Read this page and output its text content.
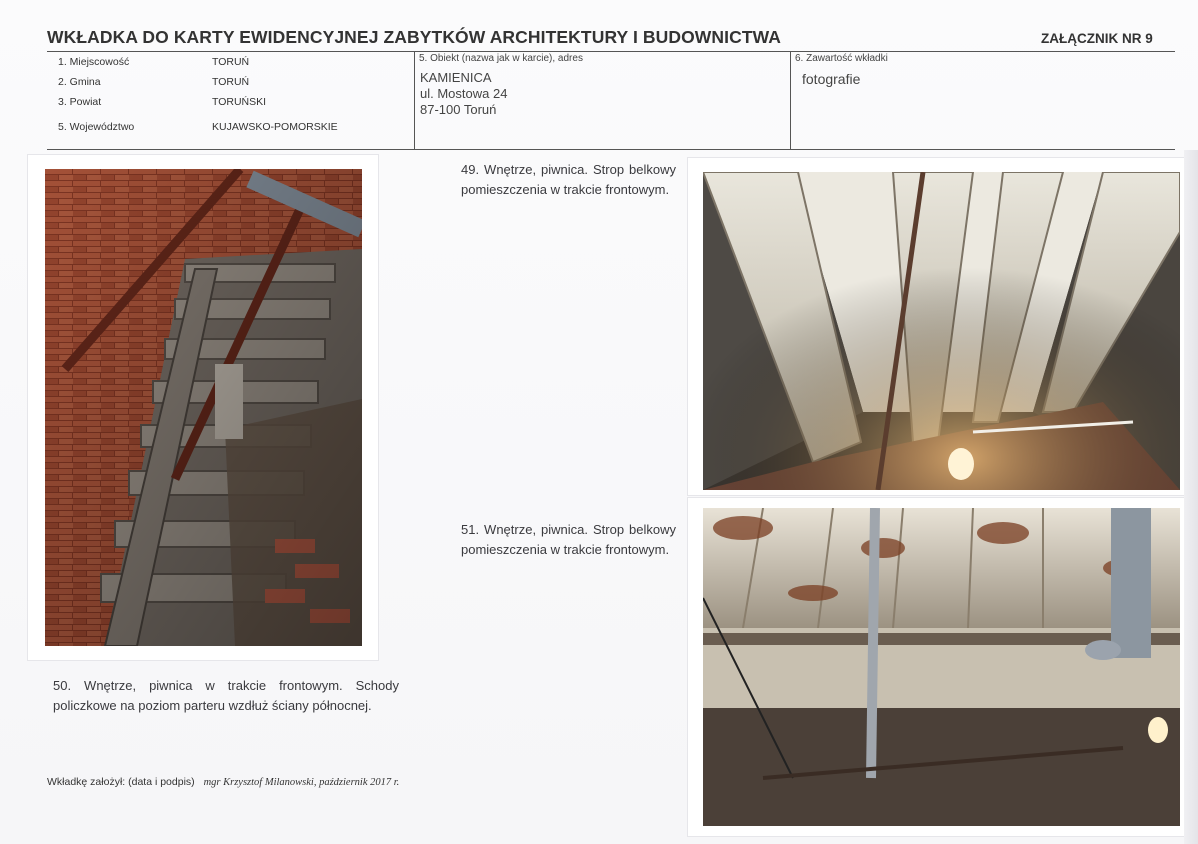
WKŁADKA DO KARTY EWIDENCYJNEJ ZABYTKÓW ARCHITEKTURY I BUDOWNICTWA	ZAŁĄCZNIK NR 9
1. Miejscowość	TORUŃ
2. Gmina	TORUŃ
3. Powiat	TORUŃSKI
5. Województwo	KUJAWSKO-POMORSKIE
5. Obiekt (nazwa jak w karcie), adres
KAMIENICA
ul. Mostowa 24
87-100 Toruń
6. Zawartość wkładki
fotografie
49. Wnętrze, piwnica. Strop belkowy pomieszczenia w trakcie frontowym.
51. Wnętrze, piwnica. Strop belkowy pomieszczenia w trakcie frontowym.
50. Wnętrze, piwnica w trakcie frontowym. Schody policzkowe na poziom parteru wzdłuż ściany północnej.
Wkładkę założył: (data i podpis) mgr Krzysztof Milanowski, październik 2017 r.
